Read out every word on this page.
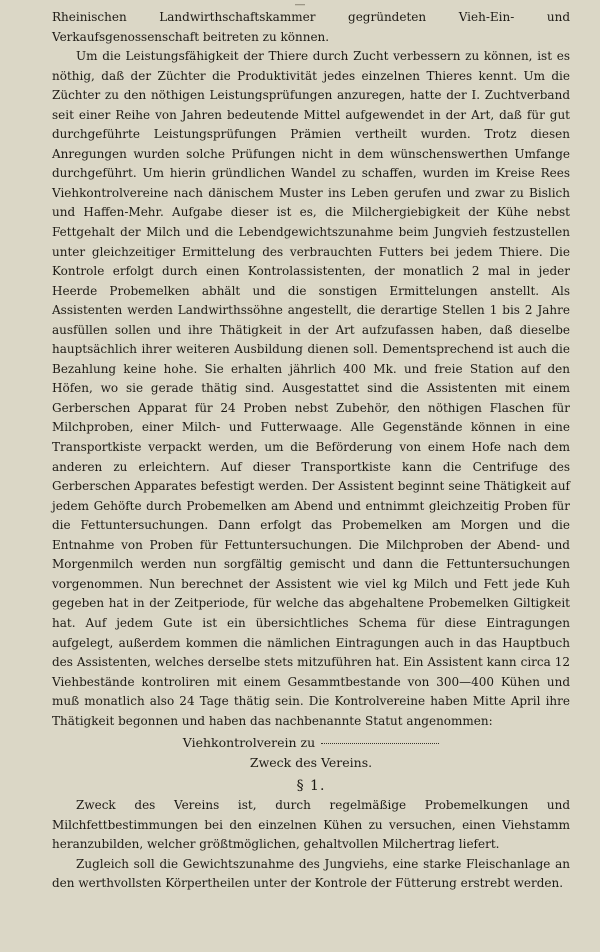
—

Rheinischen Landwirthschaftskammer gegründeten Vieh-Ein- und Verkaufsgenossenschaft beitreten zu können.

Um die Leistungsfähigkeit der Thiere durch Zucht verbessern zu können, ist es nöthig, daß der Züchter die Produktivität jedes einzelnen Thieres kennt. Um die Züchter zu den nöthigen Leistungsprüfungen anzuregen, hatte der I. Zuchtverband seit einer Reihe von Jahren bedeutende Mittel aufgewendet in der Art, daß für gut durchgeführte Leistungsprüfungen Prämien vertheilt wurden. Trotz diesen Anregungen wurden solche Prüfungen nicht in dem wünschenswerthen Umfange durchgeführt. Um hierin gründlichen Wandel zu schaffen, wurden im Kreise Rees Viehkontrolvereine nach dänischem Muster ins Leben gerufen und zwar zu Bislich und Haffen-Mehr. Aufgabe dieser ist es, die Milchergiebigkeit der Kühe nebst Fettgehalt der Milch und die Lebendgewichtszunahme beim Jungvieh festzustellen unter gleichzeitiger Ermittelung des verbrauchten Futters bei jedem Thiere. Die Kontrole erfolgt durch einen Kontrolassistenten, der monatlich 2 mal in jeder Heerde Probemelken abhält und die sonstigen Ermittelungen anstellt. Als Assistenten werden Landwirthssöhne angestellt, die derartige Stellen 1 bis 2 Jahre ausfüllen sollen und ihre Thätigkeit in der Art aufzufassen haben, daß dieselbe hauptsächlich ihrer weiteren Ausbildung dienen soll. Dementsprechend ist auch die Bezahlung keine hohe. Sie erhalten jährlich 400 Mk. und freie Station auf den Höfen, wo sie gerade thätig sind. Ausgestattet sind die Assistenten mit einem Gerberschen Apparat für 24 Proben nebst Zubehör, den nöthigen Flaschen für Milchproben, einer Milch- und Futterwaage. Alle Gegenstände können in eine Transportkiste verpackt werden, um die Beförderung von einem Hofe nach dem anderen zu erleichtern. Auf dieser Transportkiste kann die Centrifuge des Gerberschen Apparates befestigt werden. Der Assistent beginnt seine Thätigkeit auf jedem Gehöfte durch Probemelken am Abend und entnimmt gleichzeitig Proben für die Fettuntersuchungen. Dann erfolgt das Probemelken am Morgen und die Entnahme von Proben für Fettuntersuchungen. Die Milchproben der Abend- und Morgenmilch werden nun sorgfältig gemischt und dann die Fettuntersuchungen vorgenommen. Nun berechnet der Assistent wie viel kg Milch und Fett jede Kuh gegeben hat in der Zeitperiode, für welche das abgehaltene Probemelken Giltigkeit hat. Auf jedem Gute ist ein übersichtliches Schema für diese Eintragungen aufgelegt, außerdem kommen die nämlichen Eintragungen auch in das Hauptbuch des Assistenten, welches derselbe stets mitzuführen hat. Ein Assistent kann circa 12 Viehbestände kontroliren mit einem Gesammtbestande von 300—400 Kühen und muß monatlich also 24 Tage thätig sein. Die Kontrolvereine haben Mitte April ihre Thätigkeit begonnen und haben das nachbenannte Statut angenommen:

Viehkontrolverein zu

Zweck des Vereins.

§ 1.

Zweck des Vereins ist, durch regelmäßige Probemelkungen und Milchfettbestimmungen bei den einzelnen Kühen zu versuchen, einen Viehstamm heranzubilden, welcher größtmöglichen, gehaltvollen Milchertrag liefert.

Zugleich soll die Gewichtszunahme des Jungviehs, eine starke Fleischanlage an den werthvollsten Körpertheilen unter der Kontrole der Fütterung erstrebt werden.
